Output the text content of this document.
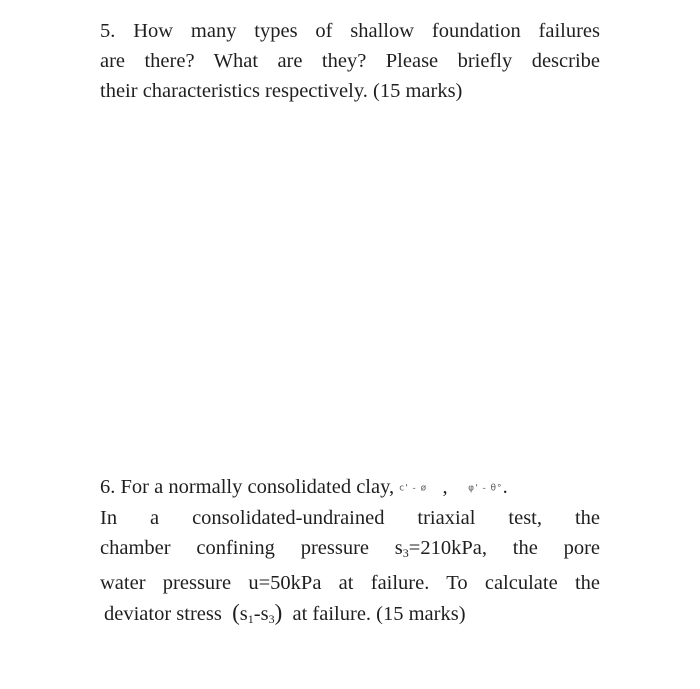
5. How many types of shallow foundation failures
are there? What are they? Please briefly describe
their characteristics respectively. (15 marks)
6. For a normally consolidated clay, c' - ø , φ' - θ°.
In a consolidated-undrained triaxial test, the
chamber confining pressure $s_3=210kPa$, the pore
water pressure u=50kPa at failure. To calculate the
deviator stress $(s_1-s_3)$ at failure. (15 marks)
